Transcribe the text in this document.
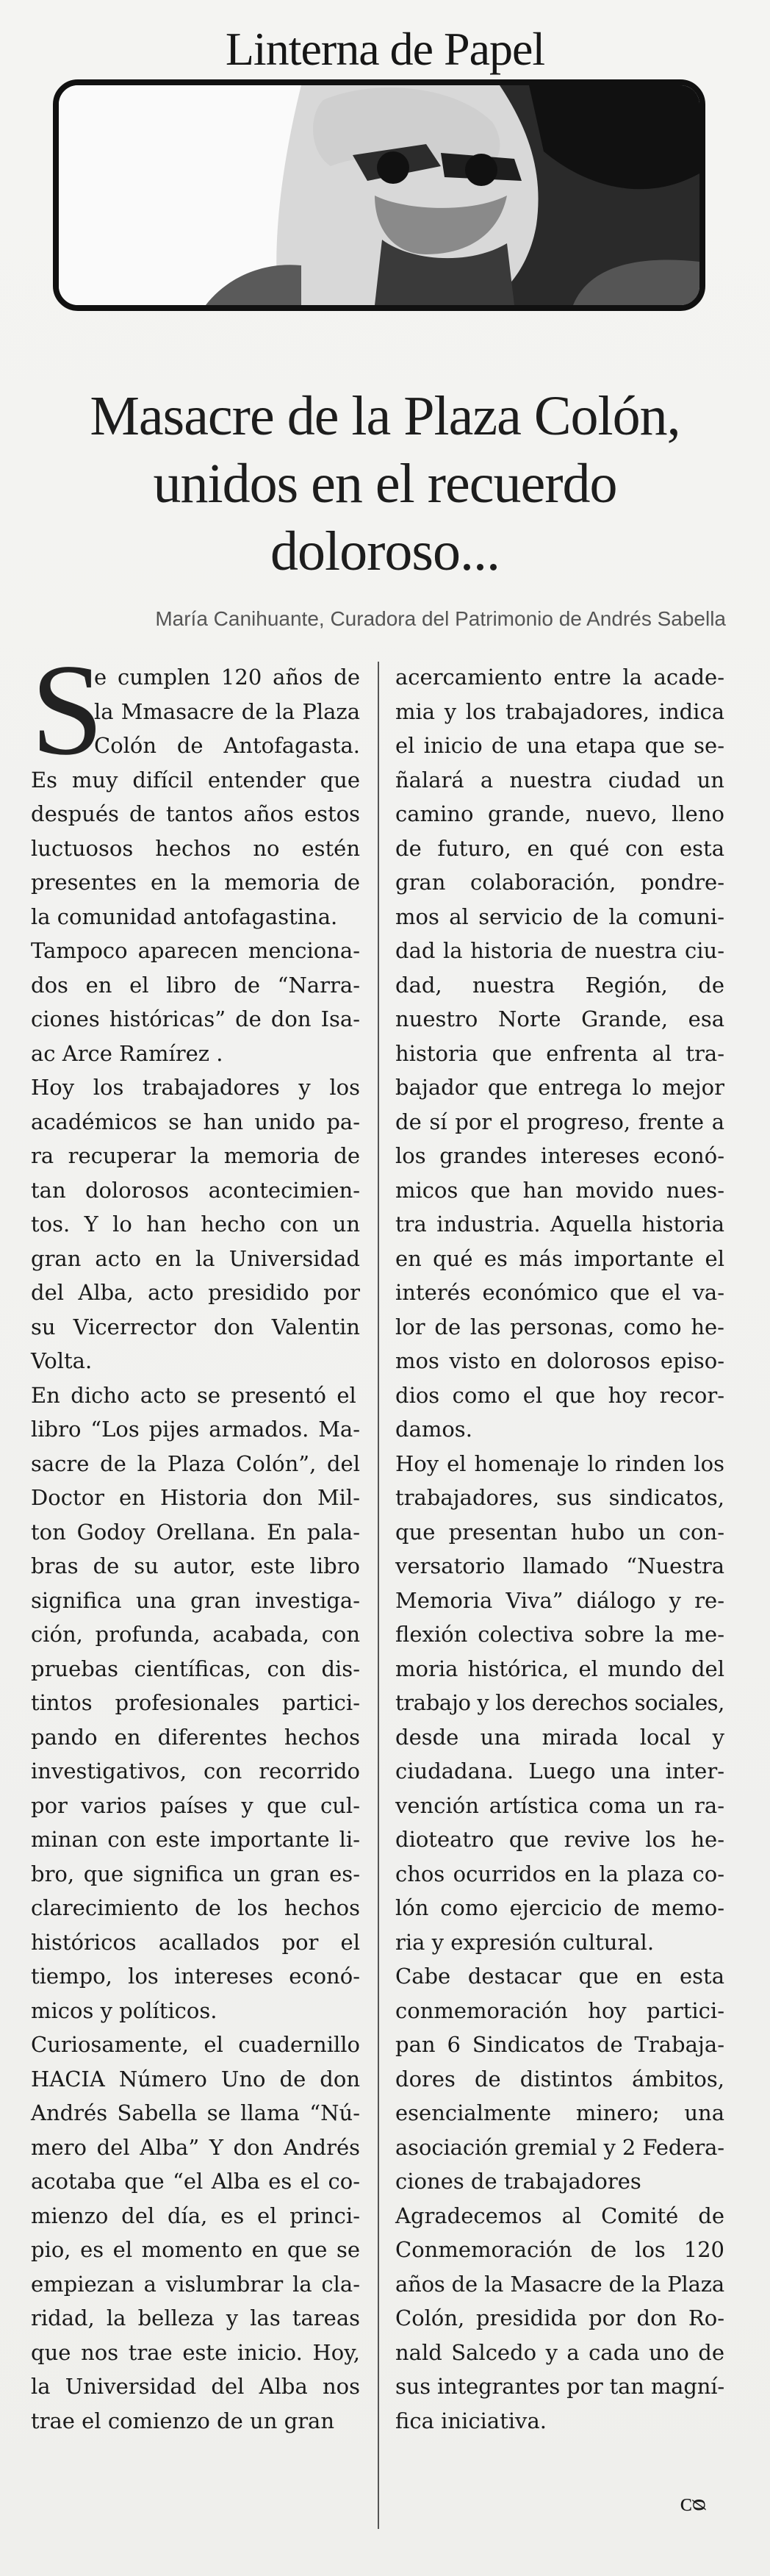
Linterna de Papel
Masacre de la Plaza Colón,
unidos en el recuerdo
doloroso...
María Canihuante, Curadora del Patrimonio de Andrés Sabella
S
e cumplen 120 años de
la Mmasacre de la Plaza
Colón de Antofagasta.
Es muy difícil entender que
después de tantos años estos
luctuosos hechos no estén
presentes en la memoria de
la comunidad antofagastina.
Tampoco aparecen menciona-
dos en el libro de “Narra-
ciones históricas” de don Isa-
ac Arce Ramírez .
Hoy los trabajadores y los
académicos se han unido pa-
ra recuperar la memoria de
tan dolorosos acontecimien-
tos. Y lo han hecho con un
gran acto en la Universidad
del Alba, acto presidido por
su Vicerrector don Valentin
Volta.
En dicho acto se presentó el
libro “Los pijes armados. Ma-
sacre de la Plaza Colón”, del
Doctor en Historia don Mil-
ton Godoy Orellana. En pala-
bras de su autor, este libro
significa una gran investiga-
ción, profunda, acabada, con
pruebas científicas, con dis-
tintos profesionales partici-
pando en diferentes hechos
investigativos, con recorrido
por varios países y que cul-
minan con este importante li-
bro, que significa un gran es-
clarecimiento de los hechos
históricos acallados por el
tiempo, los intereses econó-
micos y políticos.
Curiosamente, el cuadernillo
HACIA Número Uno de don
Andrés Sabella se llama “Nú-
mero del Alba” Y don Andrés
acotaba que “el Alba es el co-
mienzo del día, es el princi-
pio, es el momento en que se
empiezan a vislumbrar la cla-
ridad, la belleza y las tareas
que nos trae este inicio. Hoy,
la Universidad del Alba nos
trae el comienzo de un gran
acercamiento entre la acade-
mia y los trabajadores, indica
el inicio de una etapa que se-
ñalará a nuestra ciudad un
camino grande, nuevo, lleno
de futuro, en qué con esta
gran colaboración, pondre-
mos al servicio de la comuni-
dad la historia de nuestra ciu-
dad, nuestra Región, de
nuestro Norte Grande, esa
historia que enfrenta al tra-
bajador que entrega lo mejor
de sí por el progreso, frente a
los grandes intereses econó-
micos que han movido nues-
tra industria. Aquella historia
en qué es más importante el
interés económico que el va-
lor de las personas, como he-
mos visto en dolorosos episo-
dios como el que hoy recor-
damos.
Hoy el homenaje lo rinden los
trabajadores, sus sindicatos,
que presentan hubo un con-
versatorio llamado “Nuestra
Memoria Viva” diálogo y re-
flexión colectiva sobre la me-
moria histórica, el mundo del
trabajo y los derechos sociales,
desde una mirada local y
ciudadana. Luego una inter-
vención artística coma un ra-
dioteatro que revive los he-
chos ocurridos en la plaza co-
lón como ejercicio de memo-
ria y expresión cultural.
Cabe destacar que en esta
conmemoración hoy partici-
pan 6 Sindicatos de Trabaja-
dores de distintos ámbitos,
esencialmente minero; una
asociación gremial y 2 Federa-
ciones de trabajadores
Agradecemos al Comité de
Conmemoración de los 120
años de la Masacre de la Plaza
Colón, presidida por don Ro-
nald Salcedo y a cada uno de
sus integrantes por tan magní-
fica iniciativa.
ᴄᴓ
